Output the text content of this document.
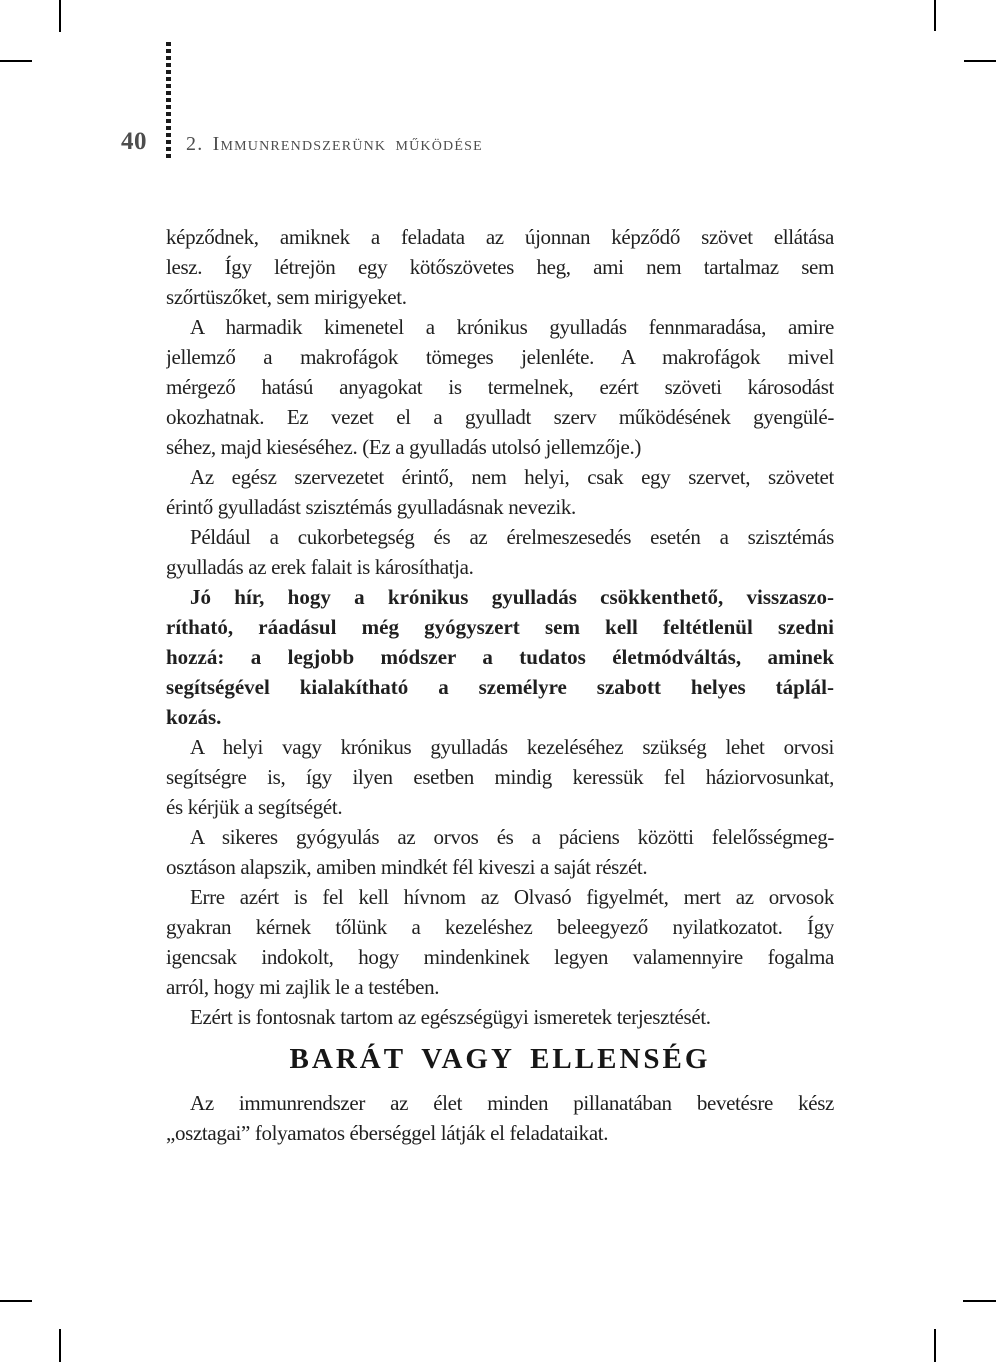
40	2. Immunrendszerünk működése
képződnek, amiknek a feladata az újonnan képződő szövet ellátása
lesz. Így létrejön egy kötőszövetes heg, ami nem tartalmaz sem
szőrtüszőket, sem mirigyeket.
A harmadik kimenetel a krónikus gyulladás fennmaradása, amire
jellemző a makrofágok tömeges jelenléte. A makrofágok mivel
mérgező hatású anyagokat is termelnek, ezért szöveti károsodást
okozhatnak. Ez vezet el a gyulladt szerv működésének gyengülé-
séhez, majd kieséséhez. (Ez a gyulladás utolsó jellemzője.)
Az egész szervezetet érintő, nem helyi, csak egy szervet, szövetet
érintő gyulladást szisztémás gyulladásnak nevezik.
Például a cukorbetegség és az érelmeszesedés esetén a szisztémás
gyulladás az erek falait is károsíthatja.
Jó hír, hogy a krónikus gyulladás csökkenthető, visszaszo-
rítható, ráadásul még gyógyszert sem kell feltétlenül szedni
hozzá: a legjobb módszer a tudatos életmódváltás, aminek
segítségével kialakítható a személyre szabott helyes táplál-
kozás.
A helyi vagy krónikus gyulladás kezeléséhez szükség lehet orvosi
segítségre is, így ilyen esetben mindig keressük fel háziorvosunkat,
és kérjük a segítségét.
A sikeres gyógyulás az orvos és a páciens közötti felelősségmeg-
osztáson alapszik, amiben mindkét fél kiveszi a saját részét.
Erre azért is fel kell hívnom az Olvasó figyelmét, mert az orvosok
gyakran kérnek tőlünk a kezeléshez beleegyező nyilatkozatot. Így
igencsak indokolt, hogy mindenkinek legyen valamennyire fogalma
arról, hogy mi zajlik le a testében.
Ezért is fontosnak tartom az egészségügyi ismeretek terjesztését.
BARÁT VAGY ELLENSÉG
Az immunrendszer az élet minden pillanatában bevetésre kész
„osztagai” folyamatos éberséggel látják el feladataikat.
